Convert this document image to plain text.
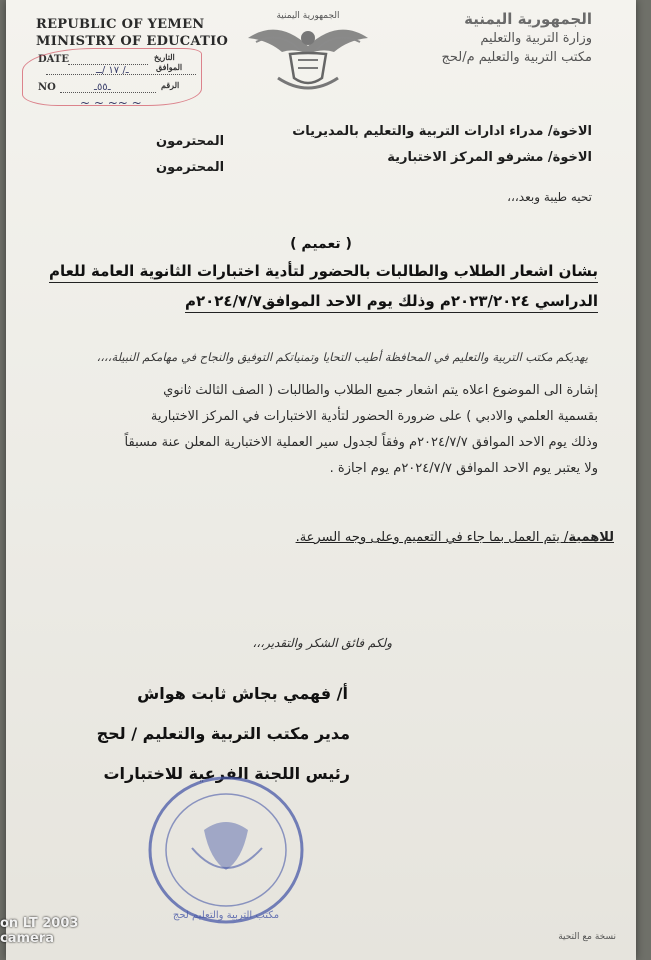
REPUBLIC OF YEMEN
MINISTRY OF EDUCATIO
DATE	التاريخ
الموافق
NO	الرقم
ـ/ ١٧ /ــ
ـ٥٥ـ
~ ~ ~~ ~
الجمهورية اليمنية	الجمهورية اليمنية
وزارة التربية والتعليم
مكتب التربية والتعليم م/لحج
الاخوة/ مدراء ادارات التربية والتعليم بالمديريات
المحترمون
الاخوة/ مشرفو المركز الاختبارية
المحترمون
تحيه طيبة وبعد،،،
( تعميم )
بشان اشعار الطلاب والطالبات بالحضور لتأدية اختبارات الثانوية العامة للعام
الدراسي ٢٠٢٣/٢٠٢٤م وذلك يوم الاحد الموافق٢٠٢٤/٧/٧م
يهديكم مكتب التربية والتعليم في المحافظة أطيب التحايا وتمنياتكم التوفيق والنجاح في مهامكم النبيلة،،،،
إشارة الى الموضوع اعلاه يتم اشعار جميع الطلاب والطالبات ( الصف الثالث ثانوي
بقسمية العلمي والادبي ) على ضرورة الحضور لتأدية الاختبارات في المركز الاختبارية
وذلك يوم الاحد الموافق ٢٠٢٤/٧/٧م وفقاً لجدول سير العملية الاختبارية المعلن عنة مسبقاً
ولا يعتبر يوم الاحد الموافق ٢٠٢٤/٧/٧م يوم اجازة .
للاهمية/ يتم العمل بما جاء في التعميم وعلى وجه السرعة.
ولكم فائق الشكر والتقدير،،،
أ/ فهمي بجاش ثابت هواش
مدير مكتب التربية والتعليم / لحج
رئيس اللجنة الفرعية للاختبارات
مكتب التربية والتعليم لحج
نسخة مع التحية
on LT 2003
camera
